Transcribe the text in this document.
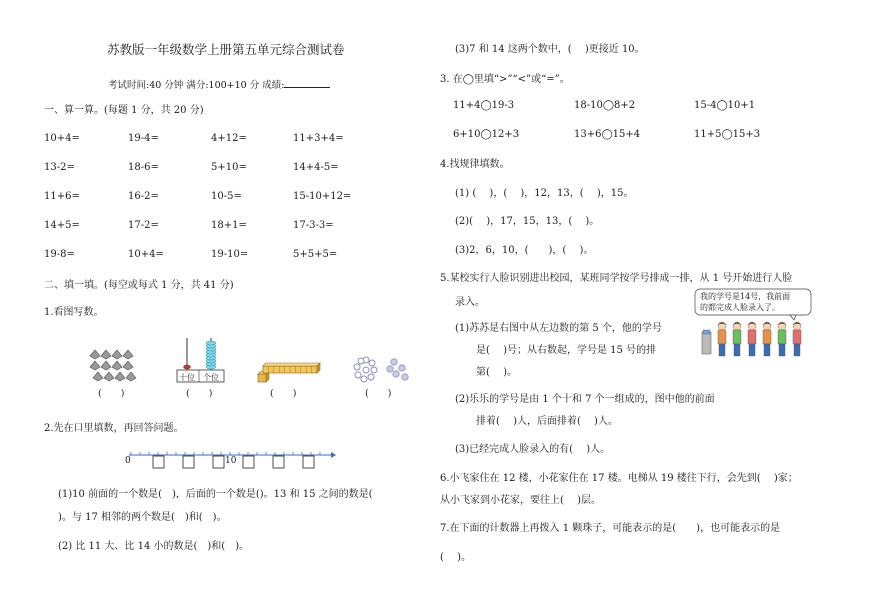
苏教版一年级数学上册第五单元综合测试卷
考试时间:40 分钟 满分:100+10 分 成绩:
一、算一算。(每题 1 分，共 20 分)
10+4=	19-4=	4+12=	11+3+4=
13-2=	18-6=	5+10=	14+4-5=
11+6=	16-2=	10-5=	15-10+12=
14+5=	17-2=	18+1=	17-3-3=
19-8=	10+4=	19-10=	5+5+5=
二、填一填。(每空或每式 1 分，共 41 分)
1.看图写数。
(　　)
十位 个位
(　　)	(　　)	(　　)
2.先在口里填数，再回答问题。
0	10
(1)10 前面的一个数是(　)，后面的一个数是()。13 和 15 之间的数是(
)。与 17 相邻的两个数是(　)和(　)。
(2) 比 11 大、比 14 小的数是(　)和(　)。
(3)7 和 14 这两个数中，(　 )更接近 10。
3. 在◯里填“>”“<”或“=”。
11+4◯19-3	18-10◯8+2	15-4◯10+1
6+10◯12+3	13+6◯15+4	11+5◯15+3
4.找规律填数。
(1) (　 )，(　 )，12，13，(　 )，15。
(2)(　 )，17，15，13，(　 )。
(3)2，6，10，(　　)，(　 )。
5.某校实行人脸识别进出校园，某班同学按学号排成一排，从 1 号开始进行人脸
录入。
我的学号是14号，我前面
的都完成人脸录入了。
(1)苏苏是右图中从左边数的第 5 个，他的学号
是(　 )号；从右数起，学号是 15 号的排
第(　 )。
(2)乐乐的学号是由 1 个十和 7 个一组成的，图中他的前面
排着(　 )人，后面排着(　 )人。
(3)已经完成人脸录入的有(　 )人。
6.小飞家住在 12 楼，小花家住在 17 楼。电梯从 19 楼往下行，会先到(　 )家；
从小飞家到小花家，要往上(　 )层。
7.在下面的计数器上再拨入 1 颗珠子，可能表示的是(　　)，也可能表示的是
(　 )。
